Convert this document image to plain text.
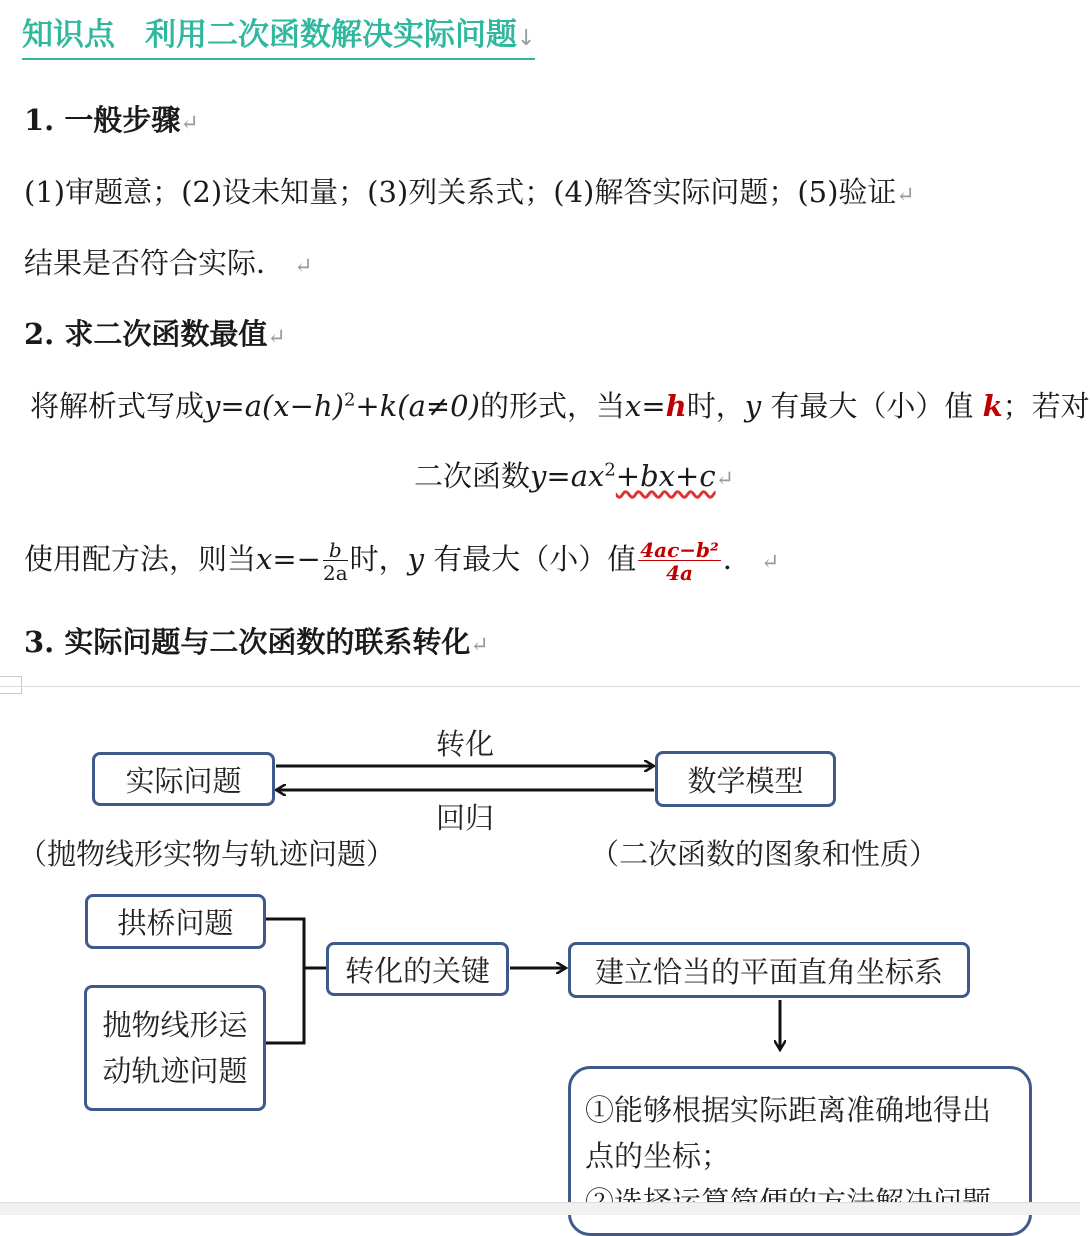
知识点 利用二次函数解决实际问题↓
1. 一般步骤↵
(1)审题意；(2)设未知量；(3)列关系式；(4)解答实际问题；(5)验证↵
结果是否符合实际． ↵
2. 求二次函数最值↵
将解析式写成$y=a(x-h)^2+k(a\ne 0)$的形式，当x=h时，y 有最大（小）值 k；若对
二次函数$y=ax^2+bx+c↵$
使用配方法，则当$x=- \frac{b}{2a}$ 时，y 有最大（小）值 $\frac{\text{4ac−b²}}{4a}$ ． ↵
3. 实际问题与二次函数的联系转化↵
实际问题	数学模型
转化
回归
（抛物线形实物与轨迹问题）	（二次函数的图象和性质）
拱桥问题
抛物线形运
动轨迹问题
转化的关键	建立恰当的平面直角坐标系
①能够根据实际距离准确地得出
点的坐标；
